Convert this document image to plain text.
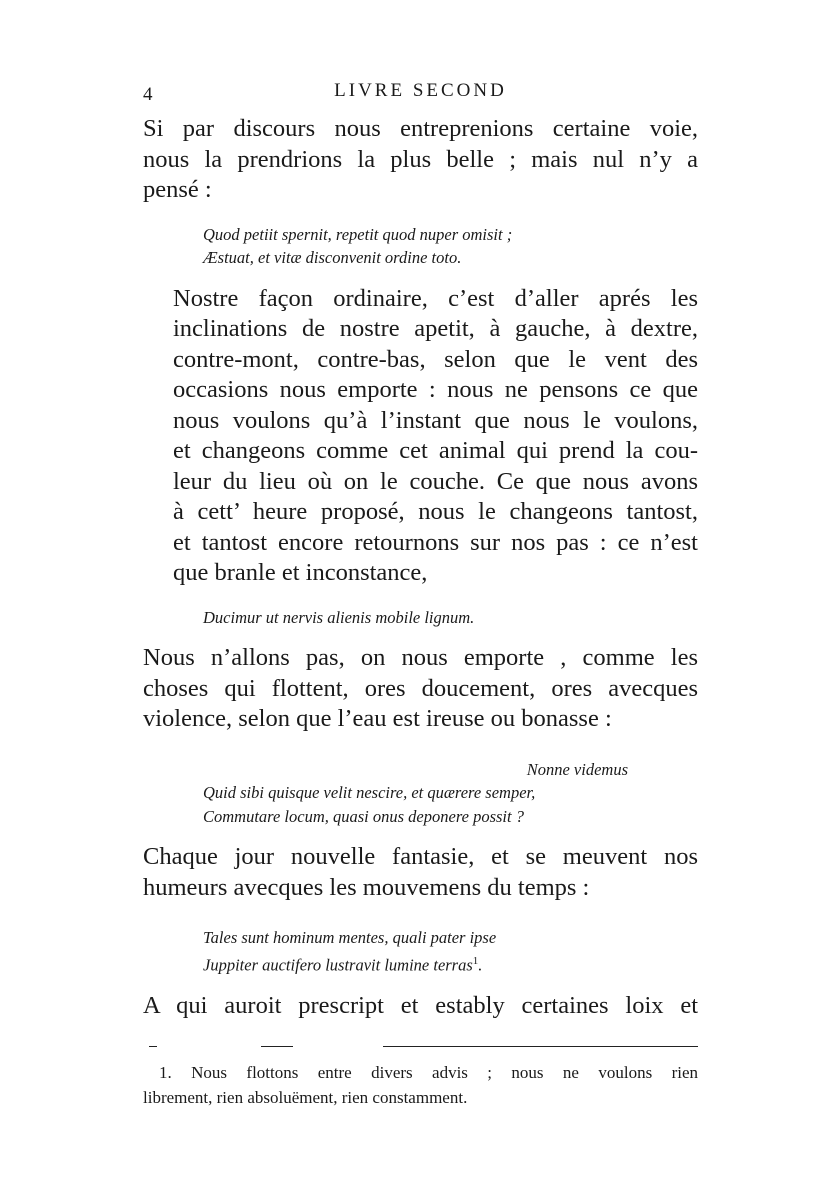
4	LIVRE SECOND

Si par discours nous entreprenions certaine voie,
nous la prendrions la plus belle ; mais nul n’y a
pensé :

Quod petiit spernit, repetit quod nuper omisit ;
Æstuat, et vitæ disconvenit ordine toto.

Nostre façon ordinaire, c’est d’aller aprés les
inclinations de nostre apetit, à gauche, à dextre,
contre-mont, contre-bas, selon que le vent des
occasions nous emporte : nous ne pensons ce que
nous voulons qu’à l’instant que nous le voulons,
et changeons comme cet animal qui prend la cou-
leur du lieu où on le couche. Ce que nous avons
à cett’ heure proposé, nous le changeons tantost,
et tantost encore retournons sur nos pas : ce n’est
que branle et inconstance,

Ducimur ut nervis alienis mobile lignum.

Nous n’allons pas, on nous emporte , comme les
choses qui flottent, ores doucement, ores avecques
violence, selon que l’eau est ireuse ou bonasse :

Nonne videmus
Quid sibi quisque velit nescire, et quærere semper,
Commutare locum, quasi onus deponere possit ?

Chaque jour nouvelle fantasie, et se meuvent nos
humeurs avecques les mouvemens du temps :

Tales sunt hominum mentes, quali pater ipse
Juppiter auctifero lustravit lumine terras$^1$.

A qui auroit prescript et estably certaines loix et

1. Nous flottons entre divers advis ; nous ne voulons rien
librement, rien absoluëment, rien constamment.
